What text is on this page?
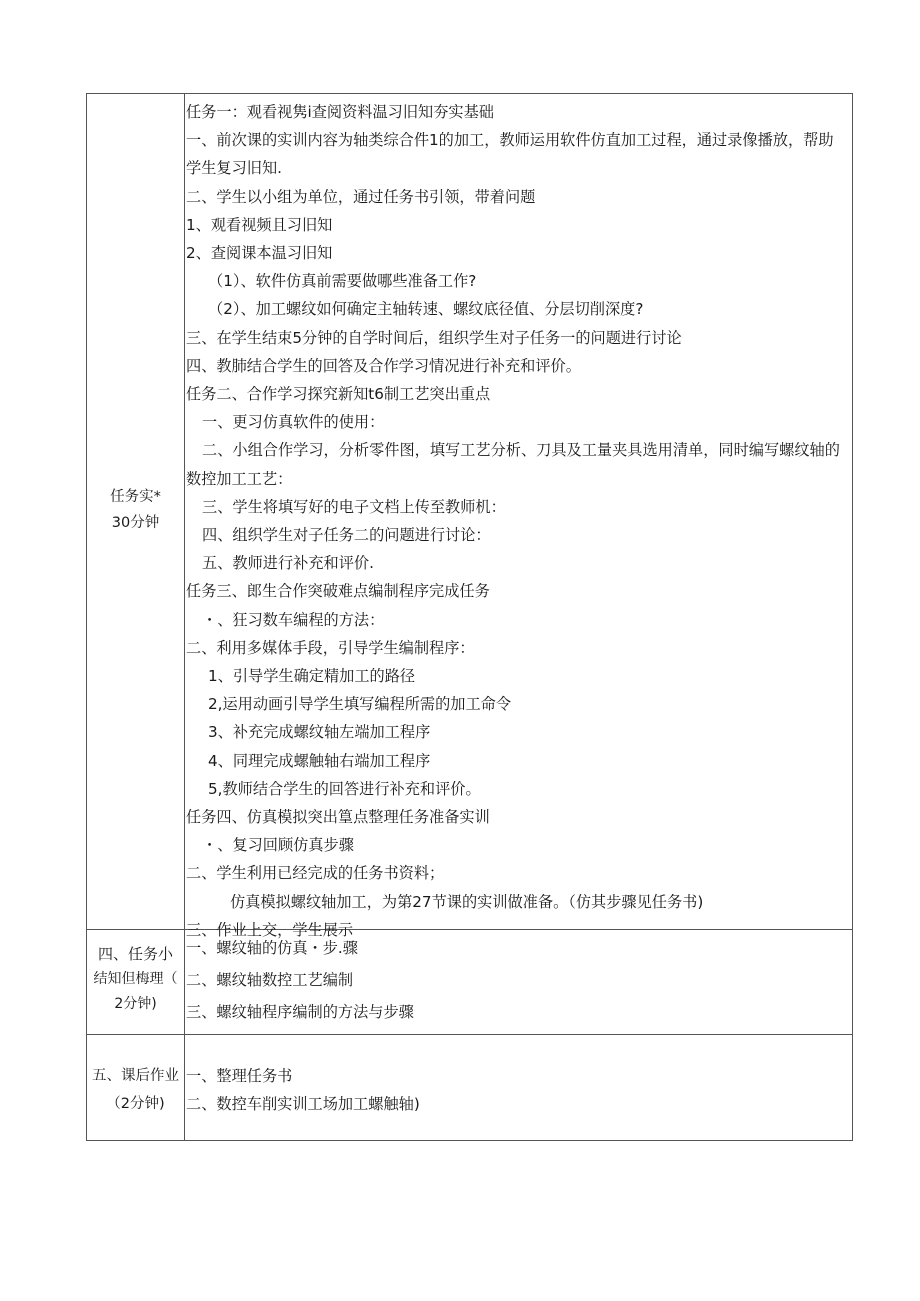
任务实*
30分钟

任务一：观看视隽i查阅资料温习旧知夯实基础

一、前次课的实训内容为轴类综合件1的加工，教师运用软件仿直加工过程，通过录像播放，帮助学生复习旧知.

二、学生以小组为单位，通过任务书引领，带着问题

1、观看视频且习旧知

2、查阅课本温习旧知

（1）、软件仿真前需要做哪些准备工作?

（2）、加工螺纹如何确定主轴转速、螺纹底径值、分层切削深度?

三、在学生结束5分钟的自学时间后，组织学生对子任务一的问题进行讨论

四、教肺结合学生的回答及合作学习情况进行补充和评价。

任务二、合作学习探究新知t6制工艺突出重点

一、更习仿真软件的使用：

二、小组合作学习，分析零件图，填写工艺分析、刀具及工量夹具选用清单，同时编写螺纹轴的数控加工工艺：

三、学生将填写好的电子文档上传至教师机：

四、组织学生对子任务二的问题进行讨论：

五、教师进行补充和评价.

任务三、郎生合作突破难点编制程序完成任务

・、狂习数车编程的方法：

二、利用多媒体手段，引导学生编制程序：

1、引导学生确定精加工的路径

2,运用动画引导学生填写编程所需的加工命令

3、补充完成螺纹轴左端加工程序

4、同理完成螺触轴右端加工程序

5,教师结合学生的回答进行补充和评价。

任务四、仿真模拟突出篁点整理任务准备实训

・、复习回顾仿真步骤

二、学生利用已经完成的任务书资料；

仿真模拟螺纹轴加工，为第27节课的实训做准备。（仿其步骤见任务书)

三、作业上交，学生展示

四、任务小
结知但梅理（
2分钟)

一、螺纹轴的仿真・步.骤

二、螺纹轴数控工艺编制

三、螺纹轴程序编制的方法与步骤

五、课后作业
（2分钟)

一、整理任务书

二、数控车削实训工场加工螺触轴)
